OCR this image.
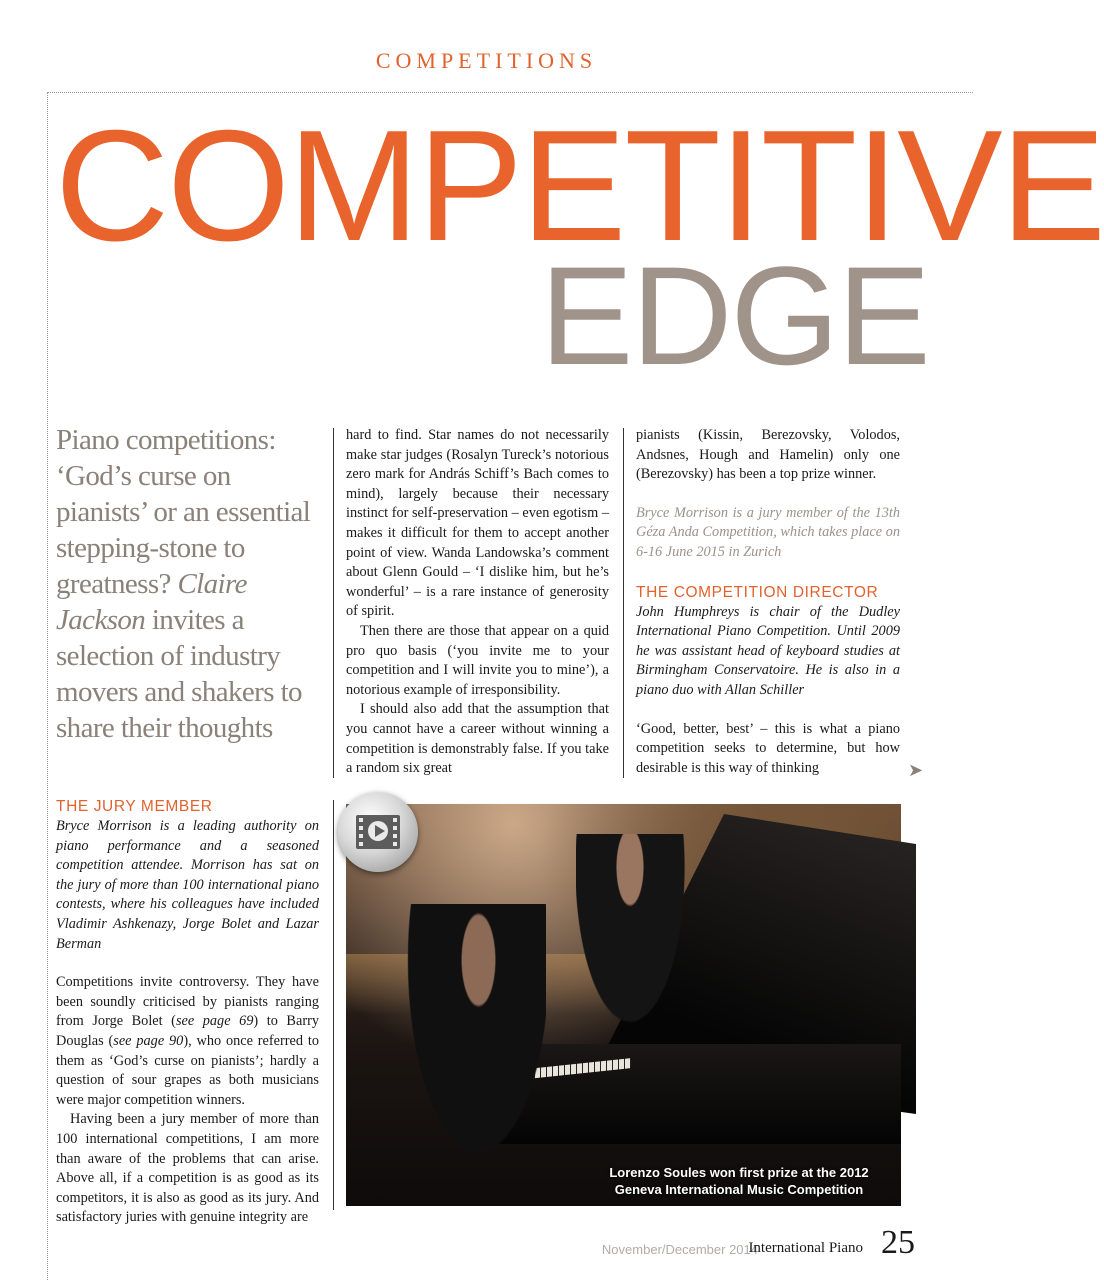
COMPETITIONS
COMPETITIVE
EDGE
Piano competitions: ‘God’s curse on pianists’ or an essential stepping-stone to greatness? Claire Jackson invites a selection of industry movers and shakers to share their thoughts
THE JURY MEMBER

Bryce Morrison is a leading authority on piano performance and a seasoned competition attendee. Morrison has sat on the jury of more than 100 international piano contests, where his colleagues have included Vladimir Ashkenazy, Jorge Bolet and Lazar Berman

Competitions invite controversy. They have been soundly criticised by pianists ranging from Jorge Bolet (see page 69) to Barry Douglas (see page 90), who once referred to them as ‘God’s curse on pianists’; hardly a question of sour grapes as both musicians were major competition winners.

Having been a jury member of more than 100 international competitions, I am more than aware of the problems that can arise. Above all, if a competition is as good as its competitors, it is also as good as its jury. And satisfactory juries with genuine integrity are

hard to find. Star names do not necessarily make star judges (Rosalyn Tureck’s notorious zero mark for András Schiff’s Bach comes to mind), largely because their necessary instinct for self-preservation – even egotism – makes it difficult for them to accept another point of view. Wanda Landowska’s comment about Glenn Gould – ‘I dislike him, but he’s wonderful’ – is a rare instance of generosity of spirit.

Then there are those that appear on a quid pro quo basis (‘you invite me to your competition and I will invite you to mine’), a notorious example of irresponsibility.

I should also add that the assumption that you cannot have a career without winning a competition is demonstrably false. If you take a random six great

pianists (Kissin, Berezovsky, Volodos, Andsnes, Hough and Hamelin) only one (Berezovsky) has been a top prize winner.

Bryce Morrison is a jury member of the 13th Géza Anda Competition, which takes place on 6-16 June 2015 in Zurich

THE COMPETITION DIRECTOR

John Humphreys is chair of the Dudley International Piano Competition. Until 2009 he was assistant head of keyboard studies at Birmingham Conservatoire. He is also in a piano duo with Allan Schiller

‘Good, better, best’ – this is what a piano competition seeks to determine, but how desirable is this way of thinking	➤
Lorenzo Soules won first prize at the 2012
Geneva International Music Competition
November/December 2014
International Piano 25
